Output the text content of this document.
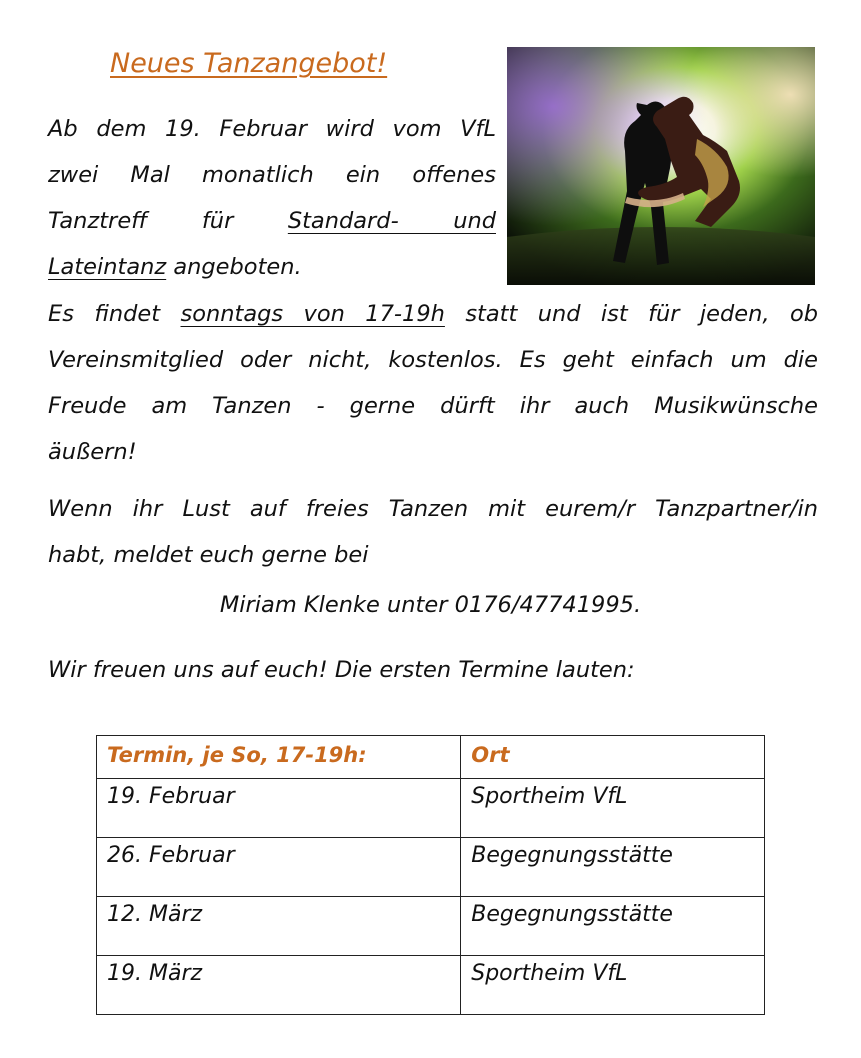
Neues Tanzangebot!
Ab dem 19. Februar wird vom VfL
zwei Mal monatlich ein offenes
Tanztreff für Standard- und
Lateintanz angeboten.
Es findet sonntags von 17-19h statt und ist für jeden, ob
Vereinsmitglied oder nicht, kostenlos. Es geht einfach um die
Freude am Tanzen - gerne dürft ihr auch Musikwünsche
äußern!
Wenn ihr Lust auf freies Tanzen mit eurem/r Tanzpartner/in
habt, meldet euch gerne bei
Miriam Klenke unter 0176/47741995.
Wir freuen uns auf euch! Die ersten Termine lauten:
Termin, je So, 17-19h:	Ort
19. Februar	Sportheim VfL
26. Februar	Begegnungsstätte
12. März	Begegnungsstätte
19. März	Sportheim VfL
